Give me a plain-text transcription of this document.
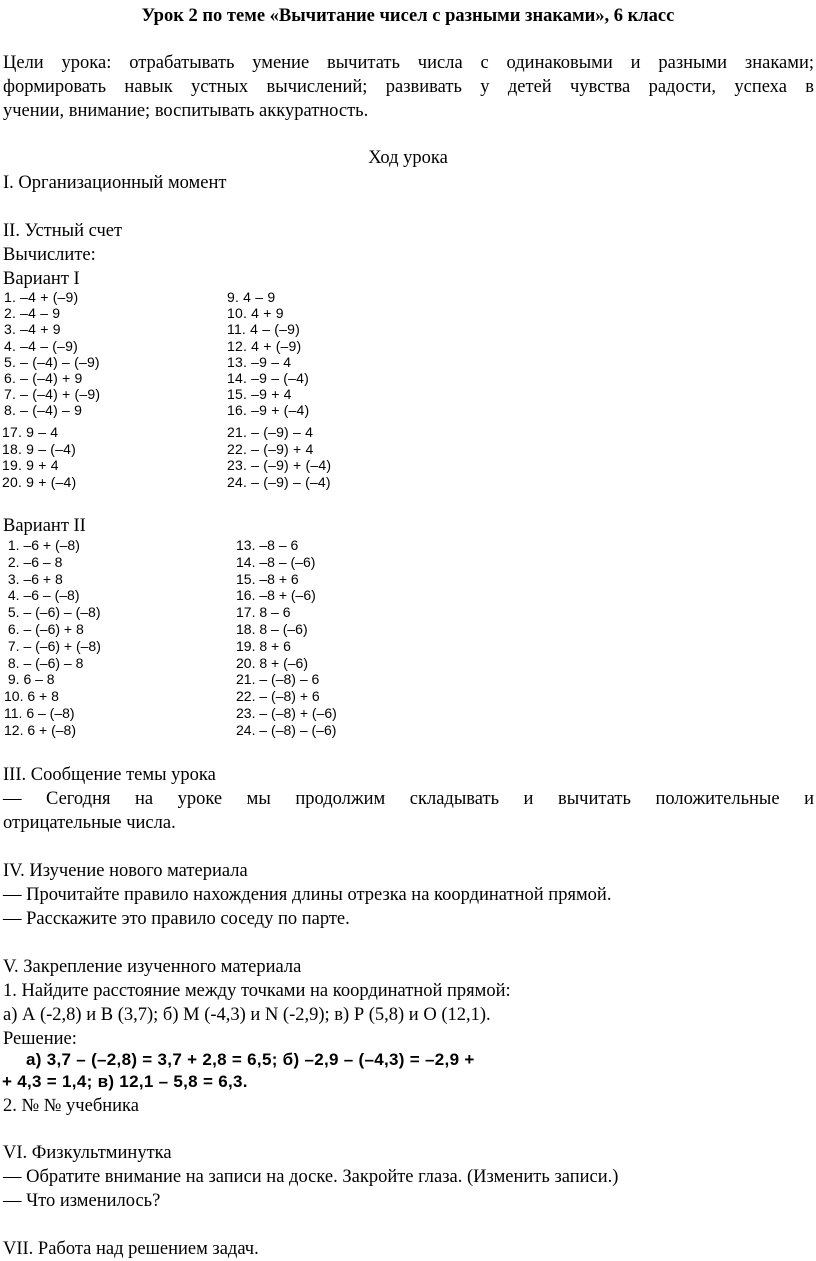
Урок 2 по теме «Вычитание чисел с разными знаками», 6 класс
Цели урока: отрабатывать умение вычитать числа с одинаковыми и разными знаками;
формировать навык устных вычислений; развивать у детей чувства радости, успеха в
учении, внимание; воспитывать аккуратность.
Ход урока
I. Организационный момент
II. Устный счет
Вычислите:
Вариант I
1. –4 + (–9)
2. –4 – 9
3. –4 + 9
4. –4 – (–9)
5. – (–4) – (–9)
6. – (–4) + 9
7. – (–4) + (–9)
8. – (–4) – 9
9. 4 – 9
10. 4 + 9
11. 4 – (–9)
12. 4 + (–9)
13. –9 – 4
14. –9 – (–4)
15. –9 + 4
16. –9 + (–4)
17. 9 – 4
18. 9 – (–4)
19. 9 + 4
20. 9 + (–4)
21. – (–9) – 4
22. – (–9) + 4
23. – (–9) + (–4)
24. – (–9) – (–4)
Вариант II
1. –6 + (–8)
2. –6 – 8
3. –6 + 8
4. –6 – (–8)
5. – (–6) – (–8)
6. – (–6) + 8
7. – (–6) + (–8)
8. – (–6) – 8
9. 6 – 8
10. 6 + 8
11. 6 – (–8)
12. 6 + (–8)
13. –8 – 6
14. –8 – (–6)
15. –8 + 6
16. –8 + (–6)
17. 8 – 6
18. 8 – (–6)
19. 8 + 6
20. 8 + (–6)
21. – (–8) – 6
22. – (–8) + 6
23. – (–8) + (–6)
24. – (–8) – (–6)
III. Сообщение темы урока
— Сегодня на уроке мы продолжим складывать и вычитать положительные и
отрицательные числа.
IV. Изучение нового материала
— Прочитайте правило нахождения длины отрезка на координатной прямой.
— Расскажите это правило соседу по парте.
V. Закрепление изученного материала
1. Найдите расстояние между точками на координатной прямой:
а) А (-2,8) и В (3,7); б) М (-4,3) и N (-2,9); в) Р (5,8) и О (12,1).
Решение:
а) 3,7 – (–2,8) = 3,7 + 2,8 = 6,5; б) –2,9 – (–4,3) = –2,9 +
+ 4,3 = 1,4; в) 12,1 – 5,8 = 6,3.
2. № № учебника
VI. Физкультминутка
— Обратите внимание на записи на доске. Закройте глаза. (Изменить записи.)
— Что изменилось?
VII. Работа над решением задач.
